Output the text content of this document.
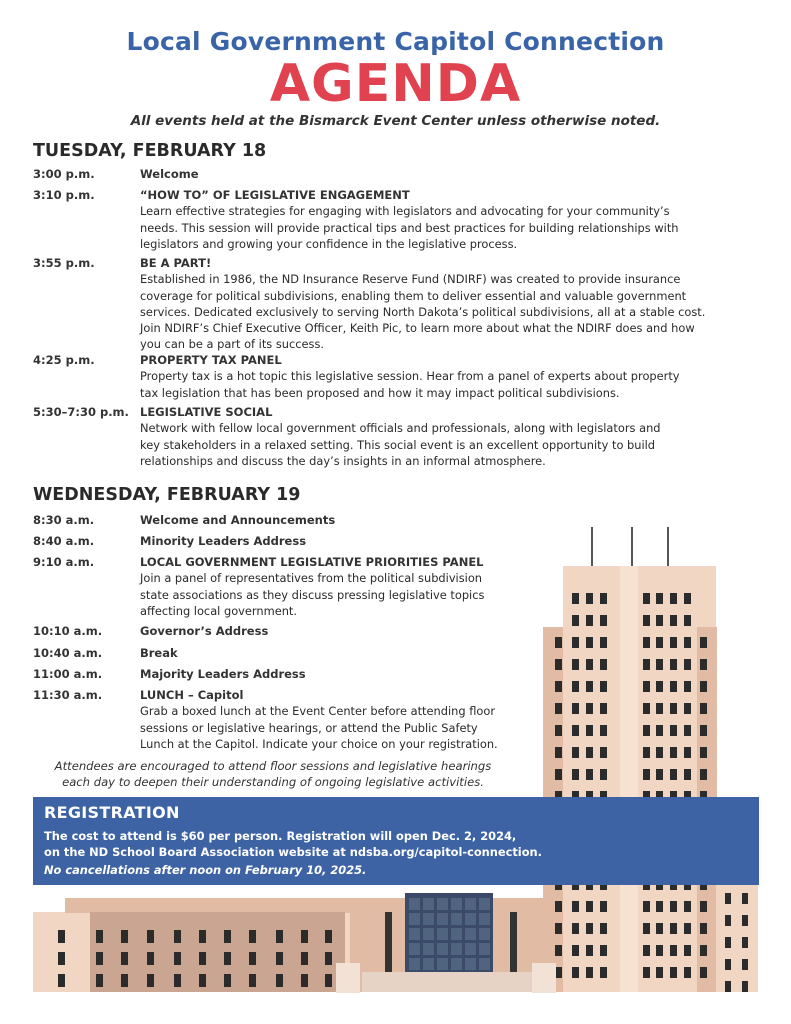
Local Government Capitol Connection
AGENDA
All events held at the Bismarck Event Center unless otherwise noted.
TUESDAY, FEBRUARY 18
3:00 p.m.	Welcome
3:10 p.m.	“HOW TO” OF LEGISLATIVE ENGAGEMENT
Learn effective strategies for engaging with legislators and advocating for your community’s
needs. This session will provide practical tips and best practices for building relationships with
legislators and growing your confidence in the legislative process.
3:55 p.m.	BE A PART!
Established in 1986, the ND Insurance Reserve Fund (NDIRF) was created to provide insurance
coverage for political subdivisions, enabling them to deliver essential and valuable government
services. Dedicated exclusively to serving North Dakota’s political subdivisions, all at a stable cost.
Join NDIRF’s Chief Executive Officer, Keith Pic, to learn more about what the NDIRF does and how
you can be a part of its success.
4:25 p.m.	PROPERTY TAX PANEL
Property tax is a hot topic this legislative session. Hear from a panel of experts about property
tax legislation that has been proposed and how it may impact political subdivisions.
5:30–7:30 p.m. LEGISLATIVE SOCIAL
Network with fellow local government officials and professionals, along with legislators and
key stakeholders in a relaxed setting. This social event is an excellent opportunity to build
relationships and discuss the day’s insights in an informal atmosphere.
WEDNESDAY, FEBRUARY 19
8:30 a.m.	Welcome and Announcements
8:40 a.m.	Minority Leaders Address
9:10 a.m.	LOCAL GOVERNMENT LEGISLATIVE PRIORITIES PANEL
Join a panel of representatives from the political subdivision
state associations as they discuss pressing legislative topics
affecting local government.
10:10 a.m.	Governor’s Address
10:40 a.m.	Break
11:00 a.m.	Majority Leaders Address
11:30 a.m.	LUNCH – Capitol
Grab a boxed lunch at the Event Center before attending floor
sessions or legislative hearings, or attend the Public Safety
Lunch at the Capitol. Indicate your choice on your registration.
Attendees are encouraged to attend floor sessions and legislative hearings
each day to deepen their understanding of ongoing legislative activities.
REGISTRATION
The cost to attend is $60 per person. Registration will open Dec. 2, 2024,
on the ND School Board Association website at ndsba.org/capitol-connection.
No cancellations after noon on February 10, 2025.
